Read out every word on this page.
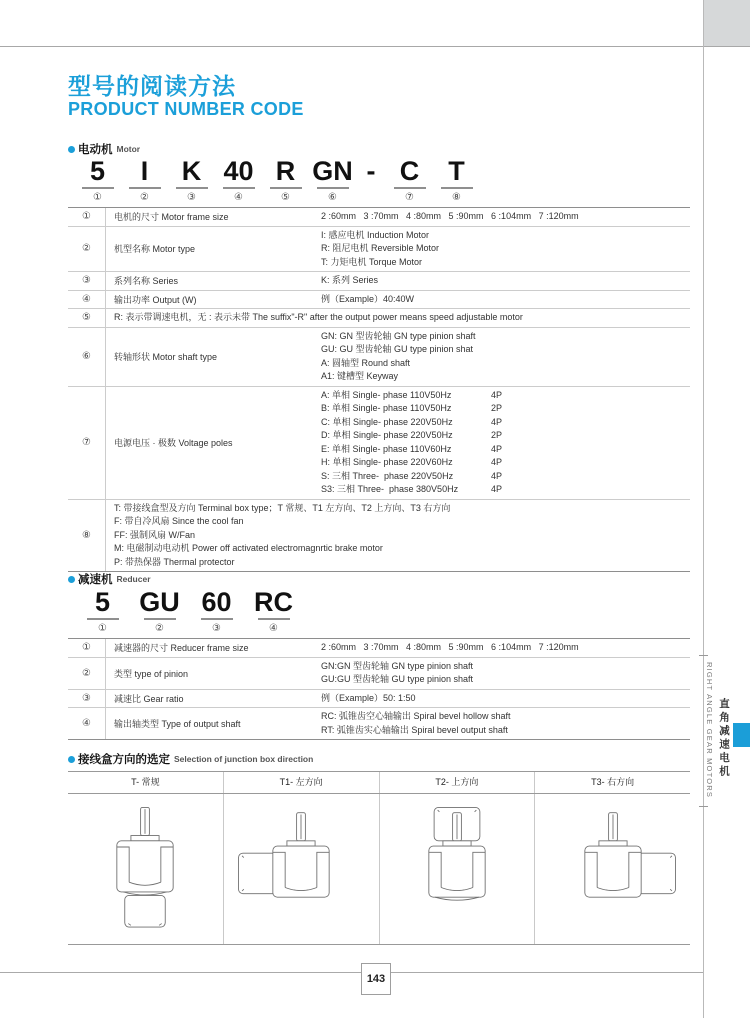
型号的阅读方法
PRODUCT NUMBER CODE
电动机 Motor
5
①
I
②
K
③
40
④
R
⑤
GN
⑥
- C
⑦
T
⑧
①	电机的尺寸 Motor frame size	2 :60mm   3 :70mm   4 :80mm   5 :90mm   6 :104mm   7 :120mm
②	机型名称 Motor type
I: 感应电机 Induction Motor
R: 阻尼电机 Reversible Motor
T: 力矩电机 Torque Motor
③	系列名称 Series	K: 系列 Series
④	输出功率 Output (W)	例（Example）40:40W
⑤	R: 表示带调速电机，无 : 表示未带 The suffix"-R" after the output power means speed adjustable motor
⑥	转轴形状 Motor shaft type
GN: GN 型齿轮轴 GN type pinion shaft
GU: GU 型齿轮轴 GU type pinion shat
A: 圆轴型 Round shaft
A1: 键槽型 Keyway
⑦	电源电压 · 极数 Voltage poles
A: 单相 Single- phase 110V50Hz	4P
B: 单相 Single- phase 110V50Hz	2P
C: 单相 Single- phase 220V50Hz	4P
D: 单相 Single- phase 220V50Hz	2P
E: 单相 Single- phase 110V60Hz	4P
H: 单相 Single- phase 220V60Hz	4P
S: 三相 Three-  phase 220V50Hz	4P
S3: 三相 Three-  phase 380V50Hz	4P
⑧
T: 带接线盒型及方向 Terminal box type；T 常规、T1 左方向、T2 上方向、T3 右方向
F: 带自冷风扇 Since the cool fan
FF: 强制风扇 W/Fan
M: 电磁制动电动机 Power off activated electromagnrtic brake motor
P: 带热保器 Thermal protector
减速机 Reducer
5
①
GU
②
60
③
RC
④
①	减速器的尺寸 Reducer frame size	2 :60mm   3 :70mm   4 :80mm   5 :90mm   6 :104mm   7 :120mm
②	类型 type of pinion
GN:GN 型齿轮轴 GN type pinion shaft
GU:GU 型齿轮轴 GU type pinion shaft
③	减速比 Gear ratio	例（Example）50: 1:50
④	输出轴类型 Type of output shaft
RC: 弧锥齿空心轴输出 Spiral bevel hollow shaft
RT: 弧锥齿实心轴输出 Spiral bevel output shaft
接线盒方向的选定 Selection of junction box direction
T- 常规	T1- 左方向	T2- 上方向	T3- 右方向	RIGHT ANGLE GEAR MOTORS 直角减速电机
143
